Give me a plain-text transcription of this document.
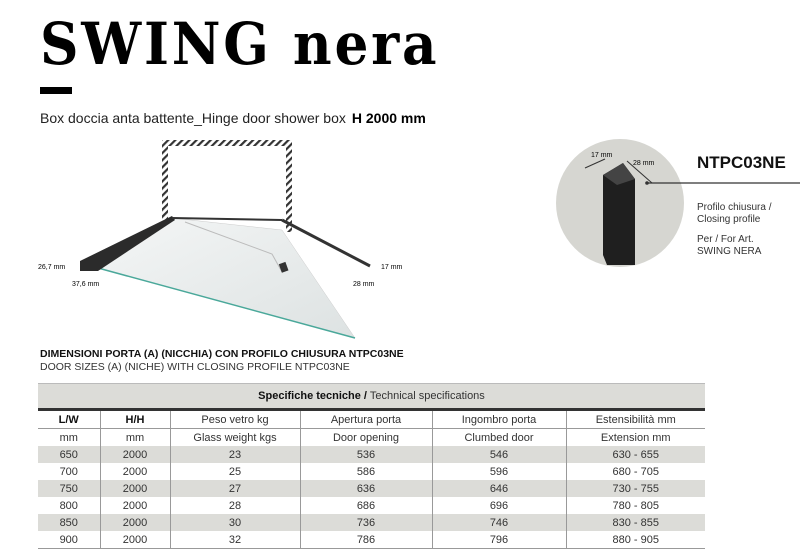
SWING nera
Box doccia anta battente_Hinge door shower box H 2000 mm
26,7 mm
37,6 mm
17 mm
28 mm
17 mm
28 mm	NTPC03NE
Profilo chiusura /
Closing profile
Per / For Art.
SWING NERA
DIMENSIONI PORTA (A) (NICCHIA) CON PROFILO CHIUSURA NTPC03NE
DOOR SIZES (A) (NICHE) WITH CLOSING PROFILE NTPC03NE
Specifiche tecniche / Technical specifications					
L/W	H/H	Peso vetro kg	Apertura porta	Ingombro porta	Estensibilità mm
mm	mm	Glass weight kgs	Door opening	Clumbed door	Extension mm
650	2000	23	536	546	630 - 655
700	2000	25	586	596	680 - 705
750	2000	27	636	646	730 - 755
800	2000	28	686	696	780 - 805
850	2000	30	736	746	830 - 855
900	2000	32	786	796	880 - 905
